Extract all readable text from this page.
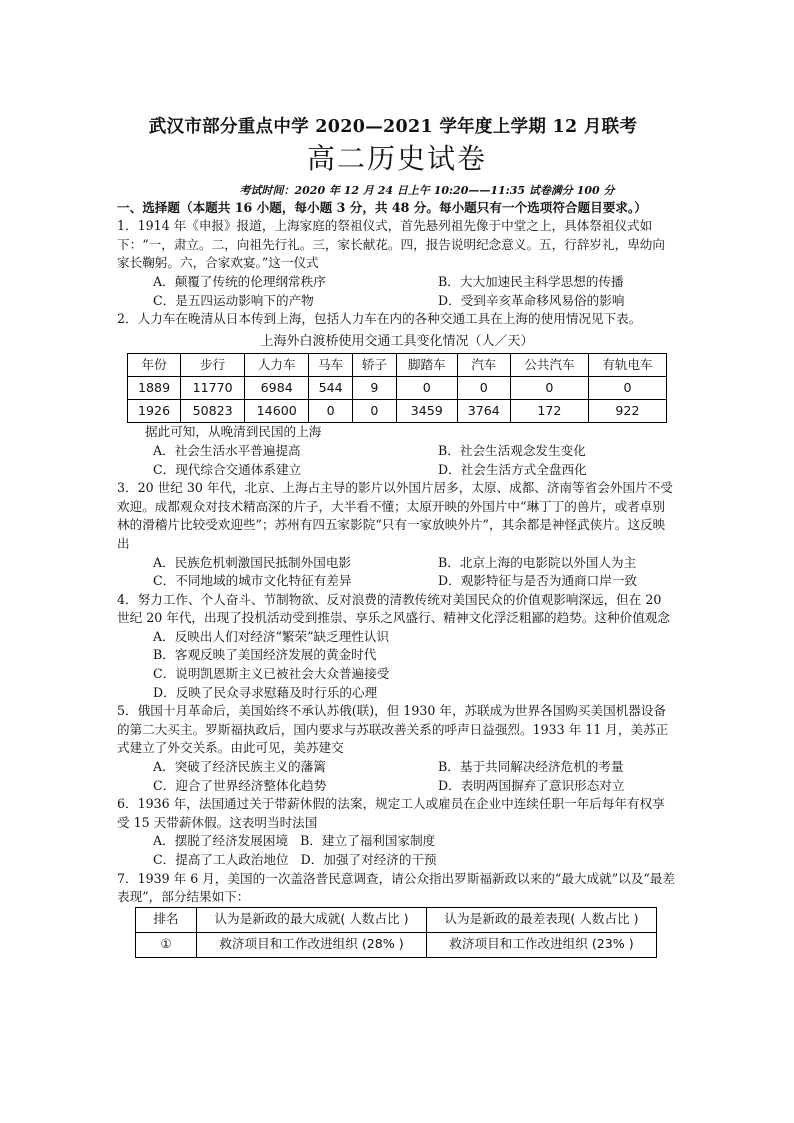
武汉市部分重点中学 2020—2021 学年度上学期 12 月联考
高二历史试卷
考试时间：2020 年 12 月 24 日上午 10:20——11:35 试卷满分 100 分
一、选择题（本题共 16 小题，每小题 3 分，共 48 分。每小题只有一个选项符合题目要求。）
1．1914 年《申报》报道，上海家庭的祭祖仪式，首先悬列祖先像于中堂之上，具体祭祖仪式如下：“一，肃立。二，向祖先行礼。三，家长献花。四，报告说明纪念意义。五，行辞岁礼，卑幼向家长鞠躬。六，合家欢宴。”这一仪式
A．颠覆了传统的伦理纲常秩序	B．大大加速民主科学思想的传播
C．是五四运动影响下的产物	D．受到辛亥革命移风易俗的影响
2．人力车在晚清从日本传到上海，包括人力车在内的各种交通工具在上海的使用情况见下表。
上海外白渡桥使用交通工具变化情况（人／天）
年份	步行	人力车	马车	轿子	脚踏车	汽车	公共汽车	有轨电车
1889	11770	6984	544	9	0	0	0	0
1926	50823	14600	0	0	3459	3764	172	922
据此可知，从晚清到民国的上海
A．社会生活水平普遍提高	B．社会生活观念发生变化
C．现代综合交通体系建立	D．社会生活方式全盘西化
3．20 世纪 30 年代，北京、上海占主导的影片以外国片居多，太原、成都、济南等省会外国片不受欢迎。成都观众对技术精高深的片子，大半看不懂；太原开映的外国片中“琳丁丁的兽片，或者卓别林的滑稽片比较受欢迎些”；苏州有四五家影院“只有一家放映外片”，其余都是神怪武侠片。这反映出
A．民族危机刺激国民抵制外国电影	B．北京上海的电影院以外国人为主
C．不同地域的城市文化特征有差异	D．观影特征与是否为通商口岸一致
4．努力工作、个人奋斗、节制物欲、反对浪费的清教传统对美国民众的价值观影响深远，但在 20 世纪 20 年代，出现了投机活动受到推崇、享乐之风盛行、精神文化浮泛粗鄙的趋势。这种价值观念
A．反映出人们对经济“繁荣”缺乏理性认识
B．客观反映了美国经济发展的黄金时代
C．说明凯恩斯主义已被社会大众普遍接受
D．反映了民众寻求慰藉及时行乐的心理
5．俄国十月革命后，美国始终不承认苏俄(联)，但 1930 年，苏联成为世界各国购买美国机器设备的第二大买主。罗斯福执政后，国内要求与苏联改善关系的呼声日益强烈。1933 年 11 月，美苏正式建立了外交关系。由此可见，美苏建交
A．突破了经济民族主义的藩篱	B．基于共同解决经济危机的考量
C．迎合了世界经济整体化趋势	D．表明两国摒弃了意识形态对立
6．1936 年，法国通过关于带薪休假的法案，规定工人或雇员在企业中连续任职一年后每年有权享受 15 天带薪休假。这表明当时法国
A．摆脱了经济发展困境 B．建立了福利国家制度
C．提高了工人政治地位 D．加强了对经济的干预
7．1939 年 6 月，美国的一次盖洛普民意调查，请公众指出罗斯福新政以来的“最大成就”以及“最差表现”，部分结果如下：
排名	认为是新政的最大成就( 人数占比 )	认为是新政的最差表现( 人数占比 )
①	救济项目和工作改进组织 (28% )	救济项目和工作改进组织 (23% )
